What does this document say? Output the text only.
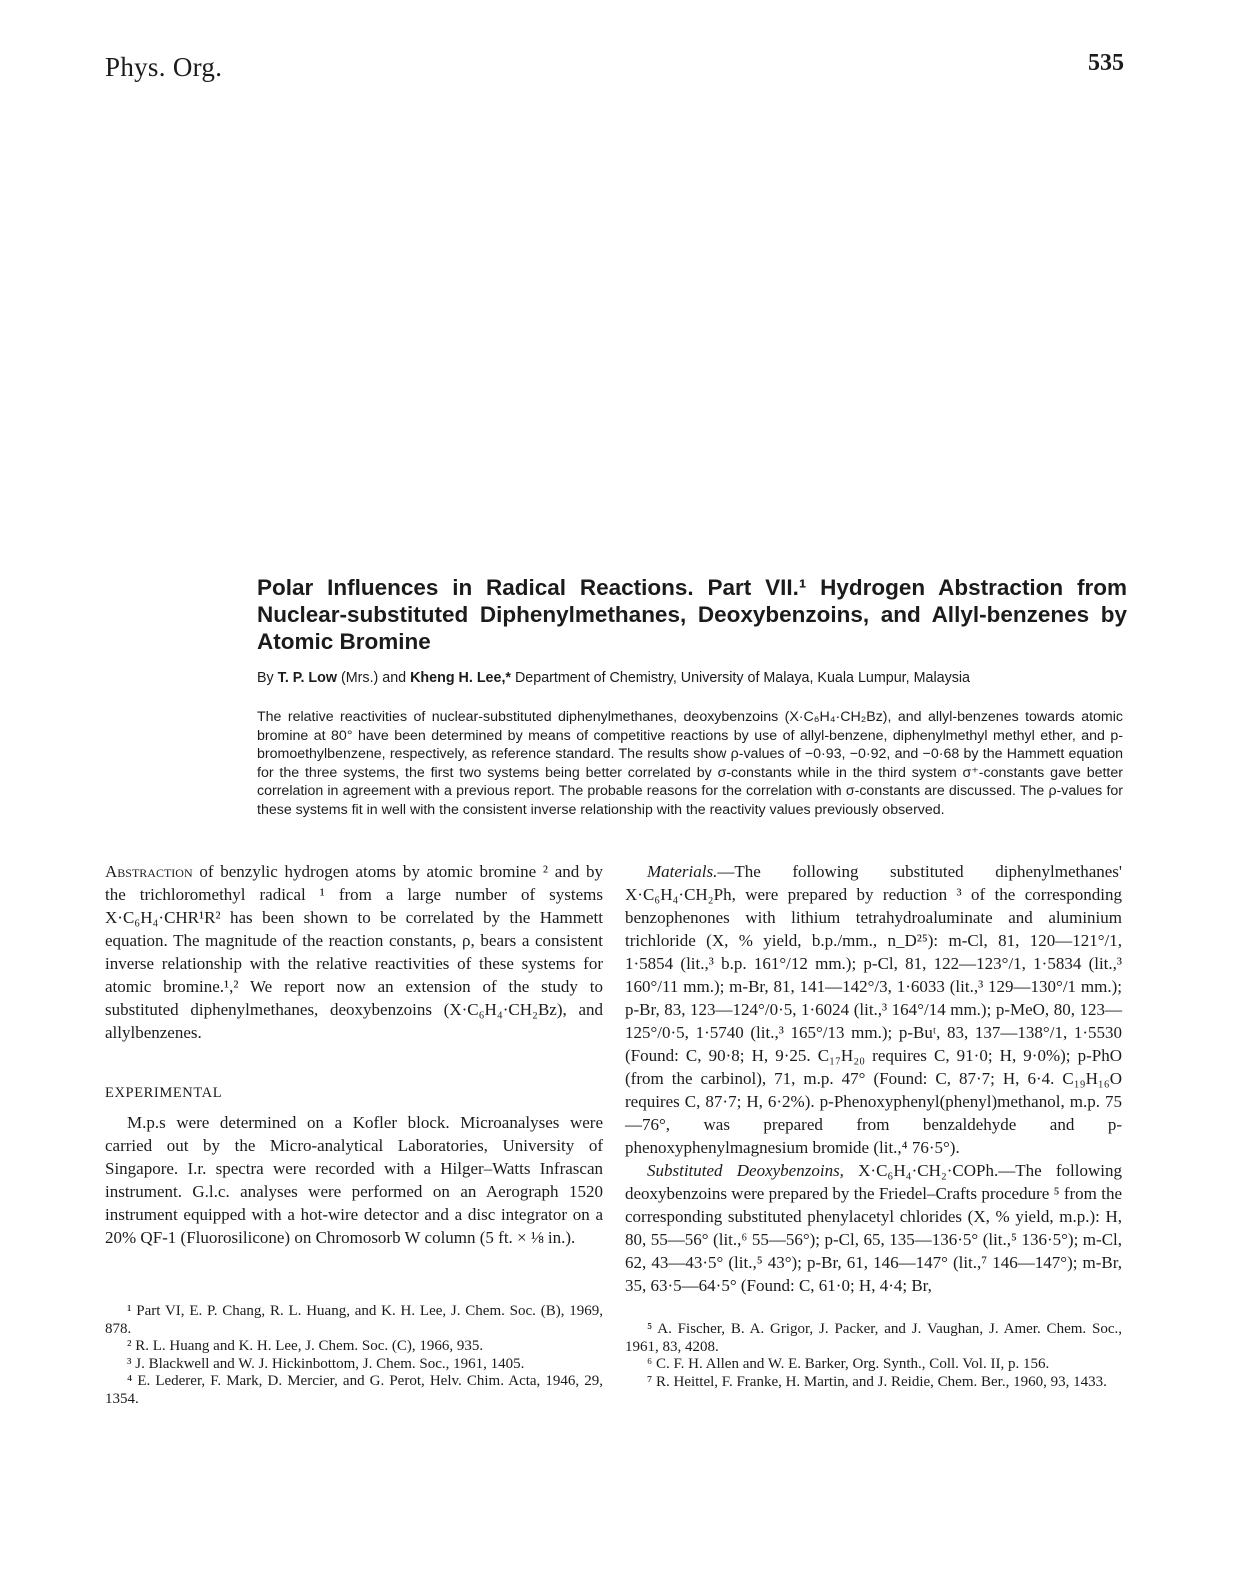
Phys. Org.	535
Polar Influences in Radical Reactions. Part VII.¹ Hydrogen Abstraction from Nuclear-substituted Diphenylmethanes, Deoxybenzoins, and Allyl-benzenes by Atomic Bromine
By T. P. Low (Mrs.) and Kheng H. Lee,* Department of Chemistry, University of Malaya, Kuala Lumpur, Malaysia

The relative reactivities of nuclear-substituted diphenylmethanes, deoxybenzoins (X·C₆H₄·CH₂Bz), and allyl-benzenes towards atomic bromine at 80° have been determined by means of competitive reactions by use of allyl-benzene, diphenylmethyl methyl ether, and p-bromoethylbenzene, respectively, as reference standard. The results show ρ-values of −0·93, −0·92, and −0·68 by the Hammett equation for the three systems, the first two systems being better correlated by σ-constants while in the third system σ⁺-constants gave better correlation in agreement with a previous report. The probable reasons for the correlation with σ-constants are discussed. The ρ-values for these systems fit in well with the consistent inverse relationship with the reactivity values previously observed.

Abstraction of benzylic hydrogen atoms by atomic bromine ² and by the trichloromethyl radical ¹ from a large number of systems X·C₆H₄·CHR¹R² has been shown to be correlated by the Hammett equation. The magnitude of the reaction constants, ρ, bears a consistent inverse relationship with the relative reactivities of these systems for atomic bromine.¹,² We report now an extension of the study to substituted diphenylmethanes, deoxybenzoins (X·C₆H₄·CH₂Bz), and allylbenzenes.

EXPERIMENTAL

M.p.s were determined on a Kofler block. Microanalyses were carried out by the Micro-analytical Laboratories, University of Singapore. I.r. spectra were recorded with a Hilger–Watts Infrascan instrument. G.l.c. analyses were performed on an Aerograph 1520 instrument equipped with a hot-wire detector and a disc integrator on a 20% QF-1 (Fluorosilicone) on Chromosorb W column (5 ft. × ⅛ in.).

Materials.—The following substituted diphenylmethanes' X·C₆H₄·CH₂Ph, were prepared by reduction ³ of the corresponding benzophenones with lithium tetrahydroaluminate and aluminium trichloride (X, % yield, b.p./mm., n_D²⁵): m-Cl, 81, 120—121°/1, 1·5854 (lit.,³ b.p. 161°/12 mm.); p-Cl, 81, 122—123°/1, 1·5834 (lit.,³ 160°/11 mm.); m-Br, 81, 141—142°/3, 1·6033 (lit.,³ 129—130°/1 mm.); p-Br, 83, 123—124°/0·5, 1·6024 (lit.,³ 164°/14 mm.); p-MeO, 80, 123—125°/0·5, 1·5740 (lit.,³ 165°/13 mm.); p-Buᵗ, 83, 137—138°/1, 1·5530 (Found: C, 90·8; H, 9·25. C₁₇H₂₀ requires C, 91·0; H, 9·0%); p-PhO (from the carbinol), 71, m.p. 47° (Found: C, 87·7; H, 6·4. C₁₉H₁₆O requires C, 87·7; H, 6·2%). p-Phenoxyphenyl(phenyl)methanol, m.p. 75—76°, was prepared from benzaldehyde and p-phenoxyphenylmagnesium bromide (lit.,⁴ 76·5°).

Substituted Deoxybenzoins, X·C₆H₄·CH₂·COPh.—The following deoxybenzoins were prepared by the Friedel–Crafts procedure ⁵ from the corresponding substituted phenylacetyl chlorides (X, % yield, m.p.): H, 80, 55—56° (lit.,⁶ 55—56°); p-Cl, 65, 135—136·5° (lit.,⁵ 136·5°); m-Cl, 62, 43—43·5° (lit.,⁵ 43°); p-Br, 61, 146—147° (lit.,⁷ 146—147°); m-Br, 35, 63·5—64·5° (Found: C, 61·0; H, 4·4; Br,

¹ Part VI, E. P. Chang, R. L. Huang, and K. H. Lee, J. Chem. Soc. (B), 1969, 878.

² R. L. Huang and K. H. Lee, J. Chem. Soc. (C), 1966, 935.

³ J. Blackwell and W. J. Hickinbottom, J. Chem. Soc., 1961, 1405.

⁴ E. Lederer, F. Mark, D. Mercier, and G. Perot, Helv. Chim. Acta, 1946, 29, 1354.

⁵ A. Fischer, B. A. Grigor, J. Packer, and J. Vaughan, J. Amer. Chem. Soc., 1961, 83, 4208.

⁶ C. F. H. Allen and W. E. Barker, Org. Synth., Coll. Vol. II, p. 156.

⁷ R. Heittel, F. Franke, H. Martin, and J. Reidie, Chem. Ber., 1960, 93, 1433.
